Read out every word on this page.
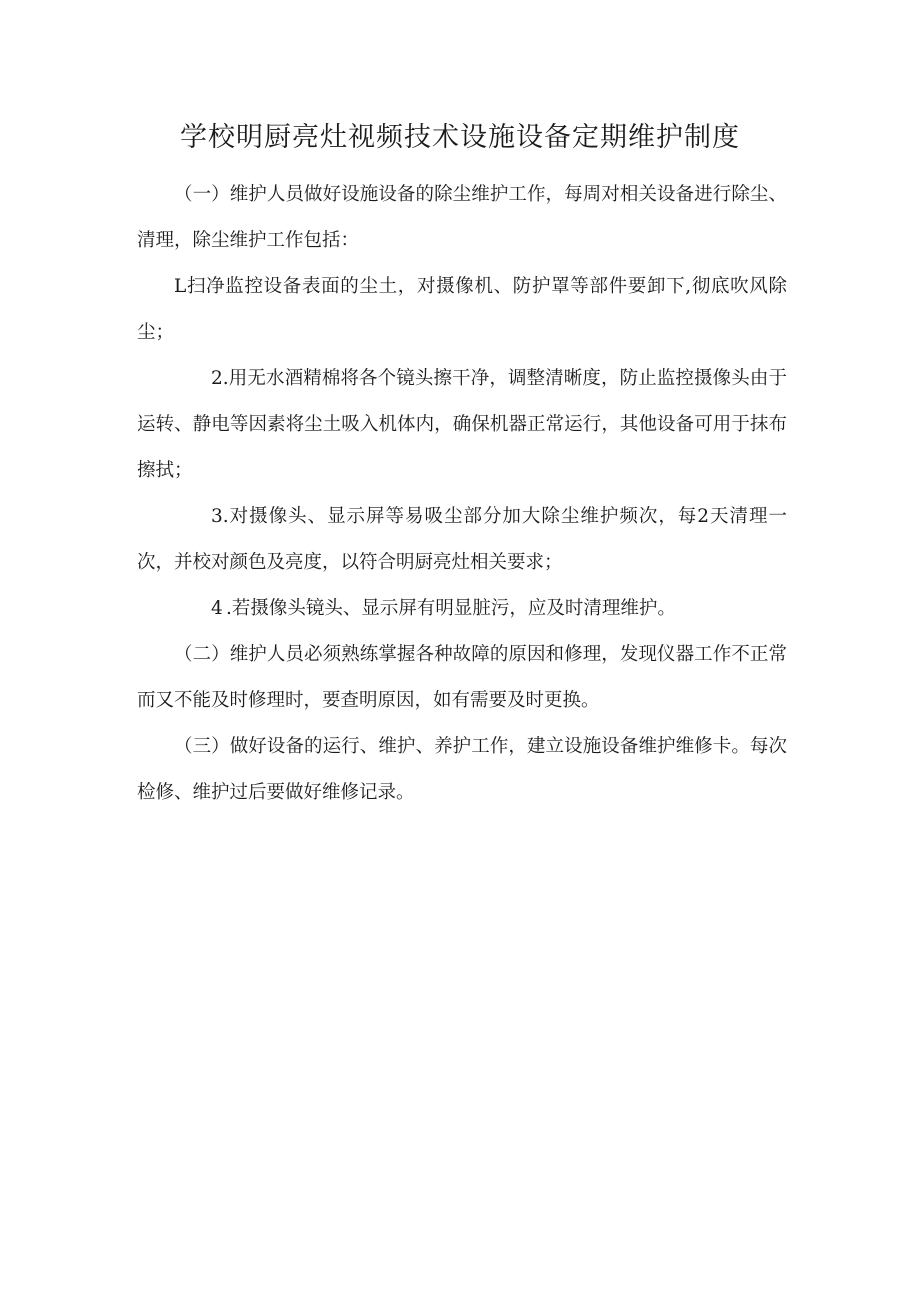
学校明厨亮灶视频技术设施设备定期维护制度

（一）维护人员做好设施设备的除尘维护工作，每周对相关设备进行除尘、清理，除尘维护工作包括：

L扫净监控设备表面的尘土，对摄像机、防护罩等部件要卸下,彻底吹风除尘；

2.用无水酒精棉将各个镜头擦干净，调整清晰度，防止监控摄像头由于运转、静电等因素将尘土吸入机体内，确保机器正常运行，其他设备可用于抹布擦拭；

3.对摄像头、显示屏等易吸尘部分加大除尘维护频次，每2天清理一次，并校对颜色及亮度，以符合明厨亮灶相关要求；

4 .若摄像头镜头、显示屏有明显脏污，应及时清理维护。

（二）维护人员必须熟练掌握各种故障的原因和修理，发现仪器工作不正常而又不能及时修理时，要查明原因，如有需要及时更换。

（三）做好设备的运行、维护、养护工作，建立设施设备维护维修卡。每次检修、维护过后要做好维修记录。
